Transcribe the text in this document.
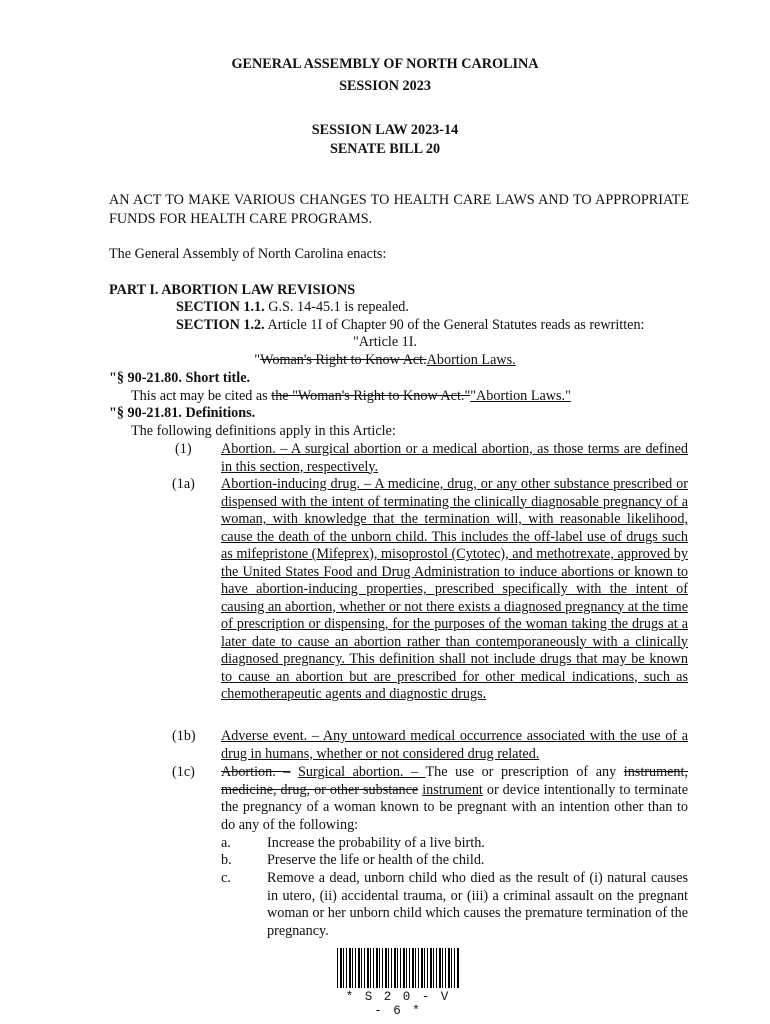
GENERAL ASSEMBLY OF NORTH CAROLINA
SESSION 2023
SESSION LAW 2023-14
SENATE BILL 20
AN ACT TO MAKE VARIOUS CHANGES TO HEALTH CARE LAWS AND TO APPROPRIATE FUNDS FOR HEALTH CARE PROGRAMS.
The General Assembly of North Carolina enacts:
PART I. ABORTION LAW REVISIONS
SECTION 1.1. G.S. 14-45.1 is repealed.
SECTION 1.2. Article 1I of Chapter 90 of the General Statutes reads as rewritten:
"Article 1I.
"Woman's Right to Know Act.Abortion Laws.
"§ 90-21.80. Short title.
This act may be cited as the "Woman's Right to Know Act.""Abortion Laws."
"§ 90-21.81. Definitions.
The following definitions apply in this Article:
(1) Abortion. – A surgical abortion or a medical abortion, as those terms are defined in this section, respectively.
(1a) Abortion-inducing drug. – A medicine, drug, or any other substance prescribed or dispensed with the intent of terminating the clinically diagnosable pregnancy of a woman, with knowledge that the termination will, with reasonable likelihood, cause the death of the unborn child. This includes the off-label use of drugs such as mifepristone (Mifeprex), misoprostol (Cytotec), and methotrexate, approved by the United States Food and Drug Administration to induce abortions or known to have abortion-inducing properties, prescribed specifically with the intent of causing an abortion, whether or not there exists a diagnosed pregnancy at the time of prescription or dispensing, for the purposes of the woman taking the drugs at a later date to cause an abortion rather than contemporaneously with a clinically diagnosed pregnancy. This definition shall not include drugs that may be known to cause an abortion but are prescribed for other medical indications, such as chemotherapeutic agents and diagnostic drugs.
(1b) Adverse event. – Any untoward medical occurrence associated with the use of a drug in humans, whether or not considered drug related.
(1c) Abortion. – Surgical abortion. – The use or prescription of any instrument, medicine, drug, or other substance instrument or device intentionally to terminate the pregnancy of a woman known to be pregnant with an intention other than to do any of the following:
a.	Increase the probability of a live birth.
b. Preserve the life or health of the child.
c.	Remove a dead, unborn child who died as the result of (i) natural causes in utero, (ii) accidental trauma, or (iii) a criminal assault on the pregnant woman or her unborn child which causes the premature termination of the pregnancy.
* S 2 0 - V - 6 *
